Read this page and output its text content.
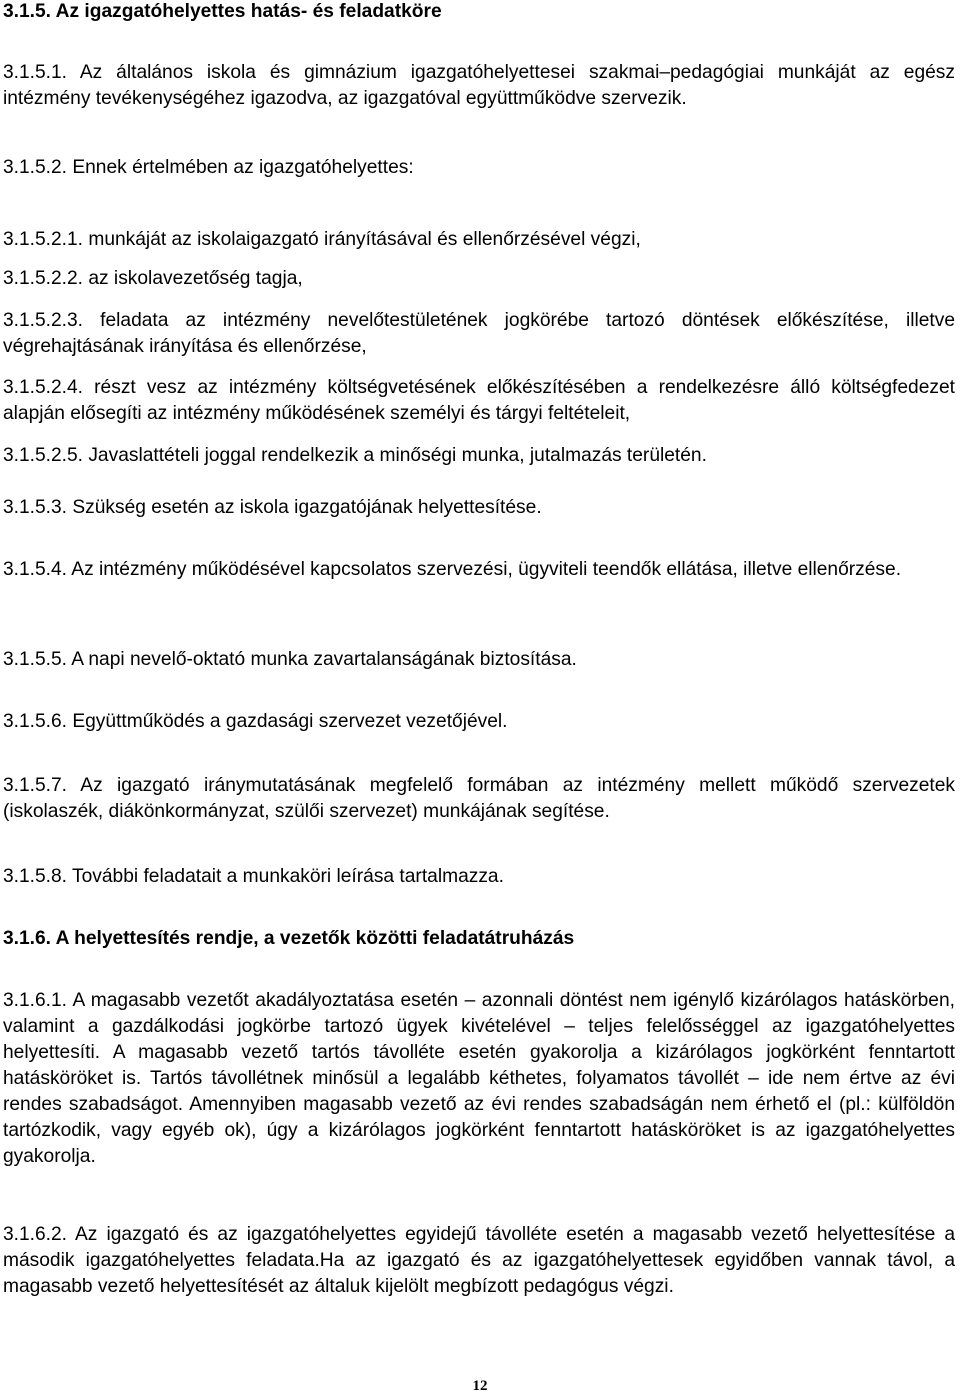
3.1.5. Az igazgatóhelyettes hatás- és feladatköre
3.1.5.1. Az általános iskola és gimnázium igazgatóhelyettesei szakmai–pedagógiai munkáját az egész intézmény tevékenységéhez igazodva, az igazgatóval együttműködve szervezik.
3.1.5.2. Ennek értelmében az igazgatóhelyettes:
3.1.5.2.1. munkáját az iskolaigazgató irányításával és ellenőrzésével végzi,
3.1.5.2.2. az iskolavezetőség tagja,
3.1.5.2.3. feladata az intézmény nevelőtestületének jogkörébe tartozó döntések előkészítése, illetve végrehajtásának irányítása és ellenőrzése,
3.1.5.2.4. részt vesz az intézmény költségvetésének előkészítésében a rendelkezésre álló költségfedezet alapján elősegíti az intézmény működésének személyi és tárgyi feltételeit,
3.1.5.2.5. Javaslattételi joggal rendelkezik a minőségi munka, jutalmazás területén.
3.1.5.3. Szükség esetén az iskola igazgatójának helyettesítése.
3.1.5.4. Az intézmény működésével kapcsolatos szervezési, ügyviteli teendők ellátása, illetve ellenőrzése.
3.1.5.5. A napi nevelő-oktató munka zavartalanságának biztosítása.
3.1.5.6. Együttműködés a gazdasági szervezet vezetőjével.
3.1.5.7. Az igazgató iránymutatásának megfelelő formában az intézmény mellett működő szervezetek (iskolaszék, diákönkormányzat, szülői szervezet) munkájának segítése.
3.1.5.8. További feladatait a munkaköri leírása tartalmazza.
3.1.6. A helyettesítés rendje, a vezetők közötti feladatátruházás
3.1.6.1. A magasabb vezetőt akadályoztatása esetén – azonnali döntést nem igénylő kizárólagos hatáskörben, valamint a gazdálkodási jogkörbe tartozó ügyek kivételével – teljes felelősséggel az igazgatóhelyettes helyettesíti. A magasabb vezető tartós távolléte esetén gyakorolja a kizárólagos jogkörként fenntartott hatásköröket is. Tartós távollétnek minősül a legalább kéthetes, folyamatos távollét – ide nem értve az évi rendes szabadságot. Amennyiben magasabb vezető az évi rendes szabadságán nem érhető el (pl.: külföldön tartózkodik, vagy egyéb ok), úgy a kizárólagos jogkörként fenntartott hatásköröket is az igazgatóhelyettes gyakorolja.
3.1.6.2. Az igazgató és az igazgatóhelyettes egyidejű távolléte esetén a magasabb vezető helyettesítése a második igazgatóhelyettes feladata.Ha az igazgató és az igazgatóhelyettesek egyidőben vannak távol, a magasabb vezető helyettesítését az általuk kijelölt megbízott pedagógus végzi.
12
